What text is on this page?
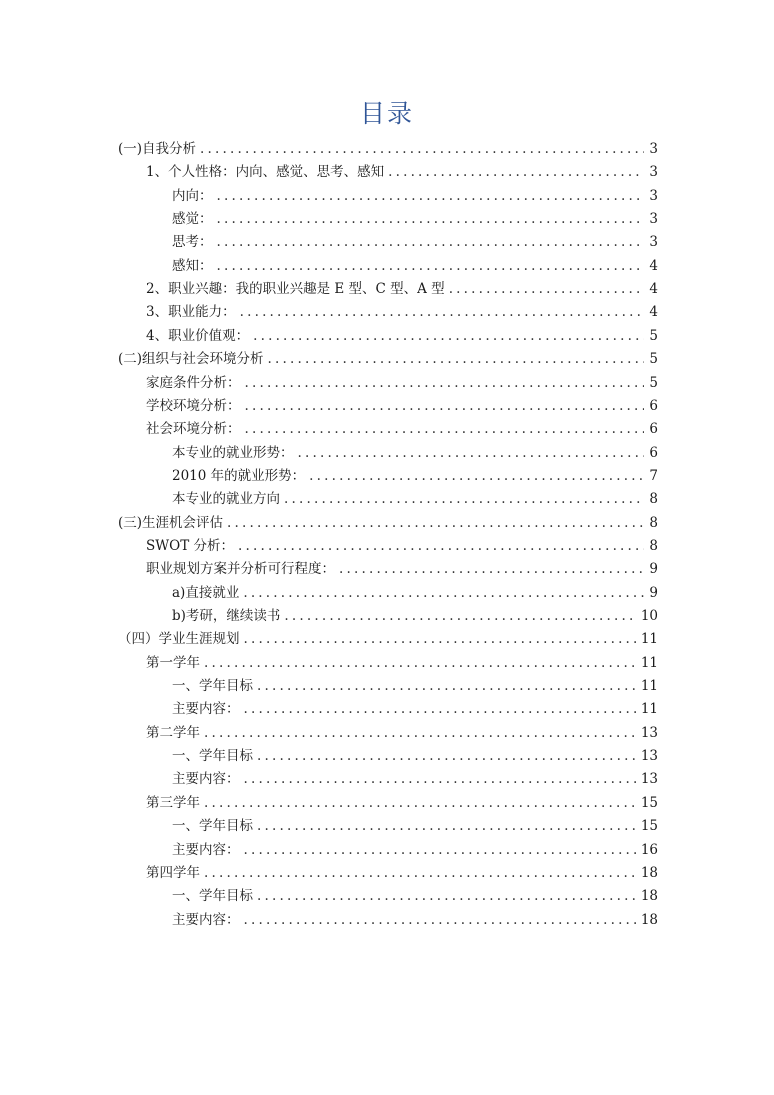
目录
(一)自我分析 .....	3
1、个人性格：内向、感觉、思考、感知 .....	3
内向： .....	3
感觉： .....	3
思考： .....	3
感知： .....	4
2、职业兴趣：我的职业兴趣是 E 型、C 型、A 型 .....	4
3、职业能力： .....	4
4、职业价值观： .....	5
(二)组织与社会环境分析 .....	5
家庭条件分析： .....	5
学校环境分析： .....	6
社会环境分析： .....	6
本专业的就业形势： .....	6
2010 年的就业形势： .....	7
本专业的就业方向 .....	8
(三)生涯机会评估 .....	8
SWOT 分析： .....	8
职业规划方案并分析可行程度： .....	9
a)直接就业 .....	9
b)考研，继续读书 .....	10
（四）学业生涯规划 .....	11
第一学年 .....	11
一、学年目标 .....	11
主要内容： .....	11
第二学年 .....	13
一、学年目标 .....	13
主要内容： .....	13
第三学年 .....	15
一、学年目标 .....	15
主要内容： .....	16
第四学年 .....	18
一、学年目标 .....	18
主要内容： .....	18
